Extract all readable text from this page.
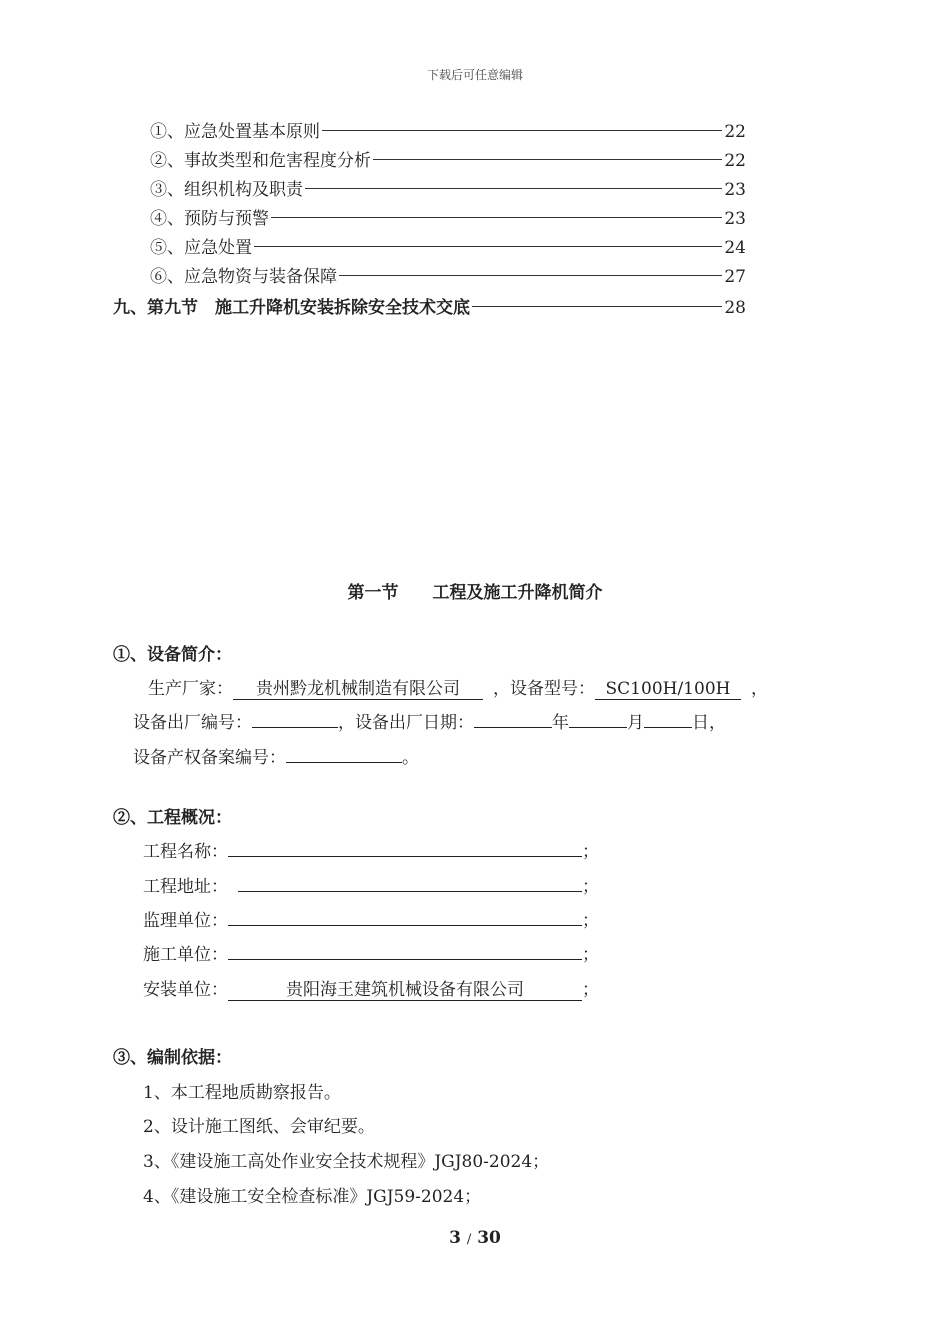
下载后可任意编辑
①、应急处置基本原则	22
②、事故类型和危害程度分析	22
③、组织机构及职责	23
④、预防与预警	23
⑤、应急处置	24
⑥、应急物资与装备保障	27
九、第九节　施工升降机安装拆除安全技术交底	28
第一节　　工程及施工升降机简介
①、设备简介：
生产厂家： 贵州黔龙机械制造有限公司 ，设备型号： SC100H/100H ，
设备出厂编号：	，设备出厂日期：	年	月	日，
设备产权备案编号：	。
②、工程概况：
工程名称：	；
工程地址：	；
监理单位：	；
施工单位：	；
安装单位：	贵阳海王建筑机械设备有限公司	；
③、编制依据：
1、本工程地质勘察报告。
2、设计施工图纸、会审纪要。
3、《建设施工高处作业安全技术规程》JGJ80-2024；
4、《建设施工安全检查标准》JGJ59-2024；
3 / 30
